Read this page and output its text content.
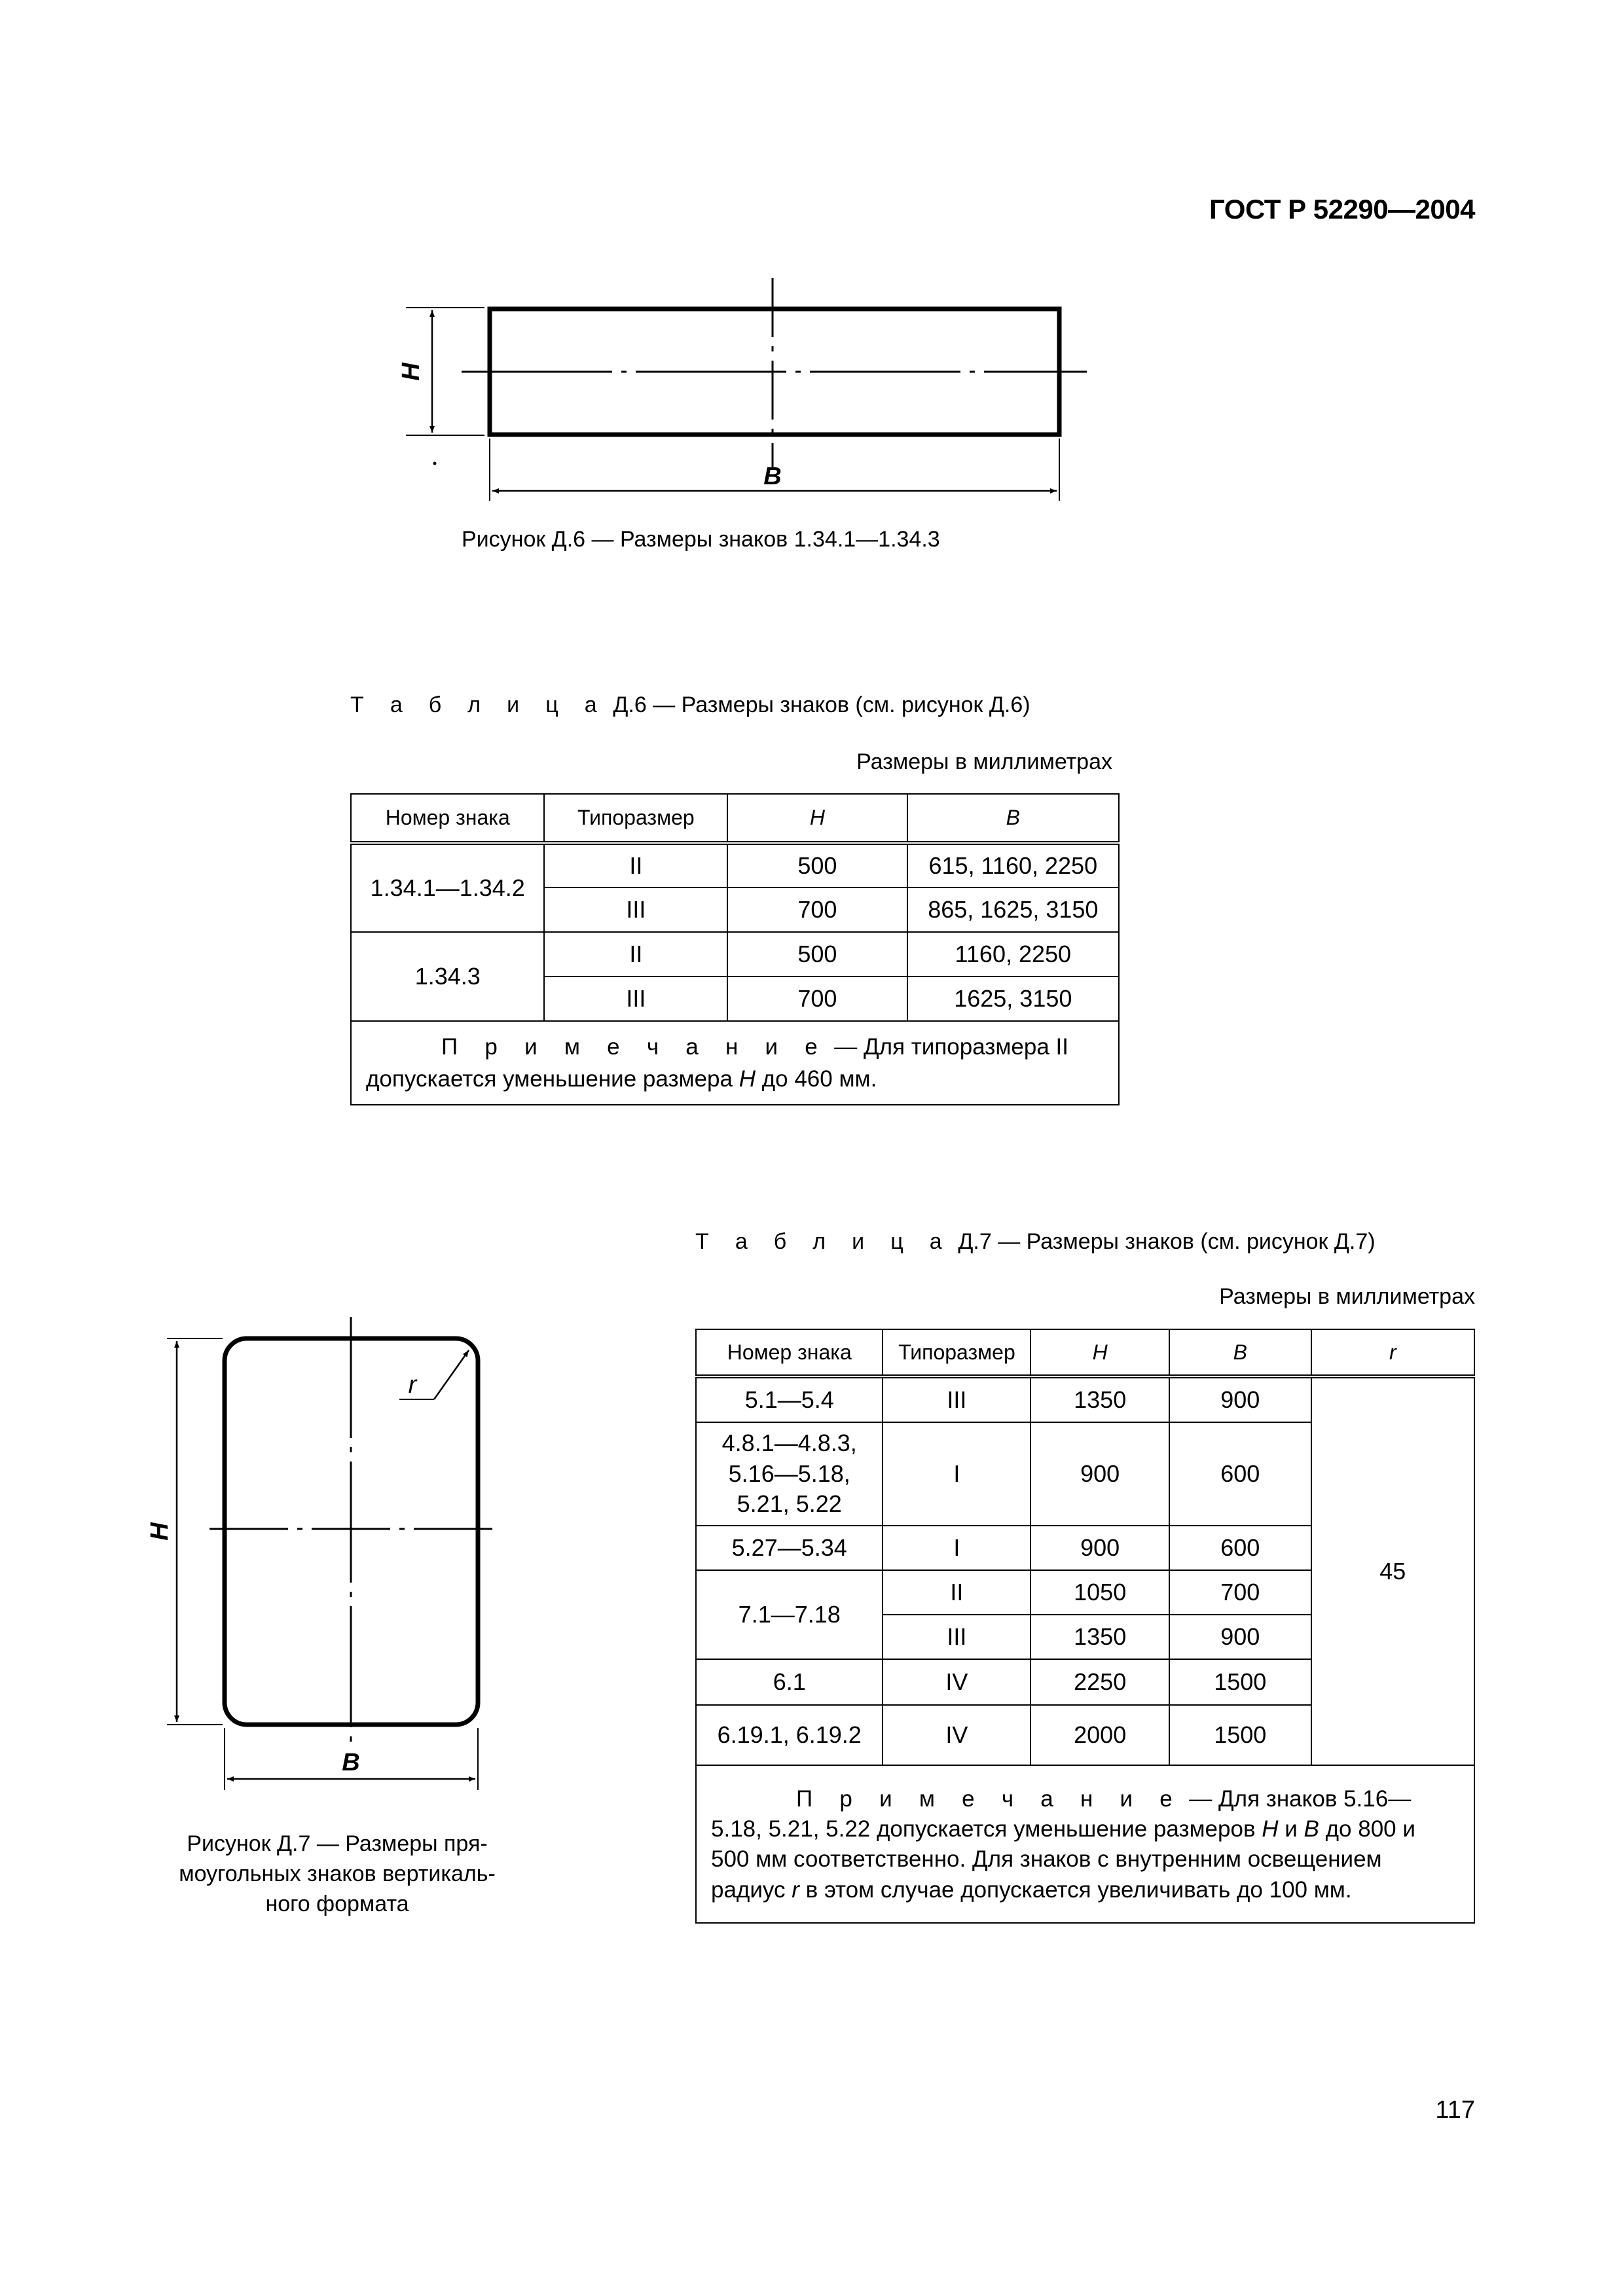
ГОСТ Р 52290—2004
H
B
Рисунок Д.6 — Размеры знаков 1.34.1—1.34.3
Т а б л и ц а Д.6 — Размеры знаков (см. рисунок Д.6)
Размеры в миллиметрах
Номер знака	Типоразмер	H	B
1.34.1—1.34.2	II	500	615, 1160, 2250
	III	700	865, 1625, 3150
1.34.3	II	500	1160, 2250
	III	700	1625, 3150
П р и м е ч а н и е — Для типоразмера II допускается уменьшение размера H до 460 мм.			
Т а б л и ц а Д.7 — Размеры знаков (см. рисунок Д.7)
Размеры в миллиметрах
Номер знака	Типоразмер	H	B	r
5.1—5.4	III	1350	900	45

4.8.1—4.8.3,
5.16—5.18,
5.21, 5.22	I	900	600	
5.27—5.34	I	900	600	
7.1—7.18	II	1050	700	
	III	1350	900	
6.1	IV	2250	1500	
6.19.1, 6.19.2	IV	2000	1500	
П р и м е ч а н и е — Для знаков 5.16—5.18, 5.21, 5.22 допускается уменьшение размеров H и B до 800 и 500 мм соответственно. Для знаков с внутренним освещением радиус r в этом случае допускается увеличивать до 100 мм.				
H
B
r
Рисунок Д.7 — Размеры пря-
моугольных знаков вертикаль-
ного формата
117
